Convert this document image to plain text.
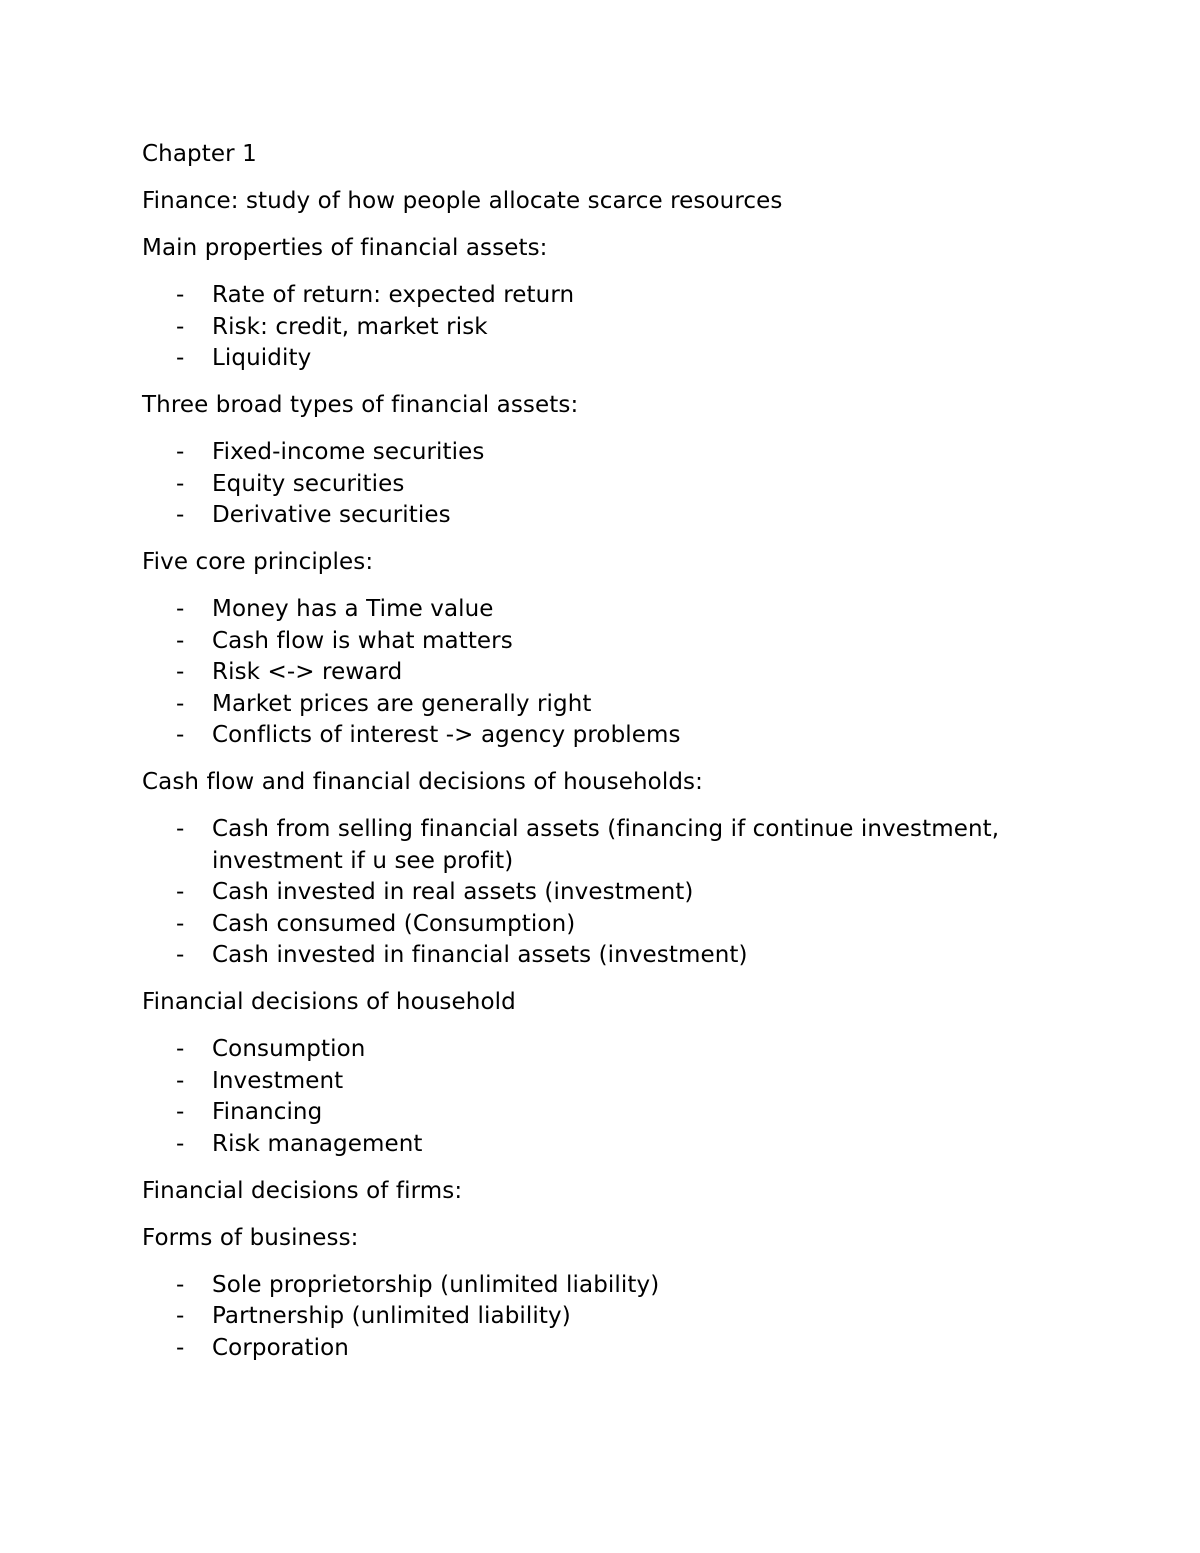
Chapter 1

Finance: study of how people allocate scarce resources

Main properties of financial assets:

- Rate of return: expected return
- Risk: credit, market risk
- Liquidity

Three broad types of financial assets:

- Fixed-income securities
- Equity securities
- Derivative securities

Five core principles:

- Money has a Time value
- Cash flow is what matters
- Risk <-> reward
- Market prices are generally right
- Conflicts of interest -> agency problems

Cash flow and financial decisions of households:

- Cash from selling financial assets (financing if continue investment, investment if u see profit)
- Cash invested in real assets (investment)
- Cash consumed (Consumption)
- Cash invested in financial assets (investment)

Financial decisions of household

- Consumption
- Investment
- Financing
- Risk management

Financial decisions of firms:

Forms of business:

- Sole proprietorship (unlimited liability)
- Partnership (unlimited liability)
- Corporation
